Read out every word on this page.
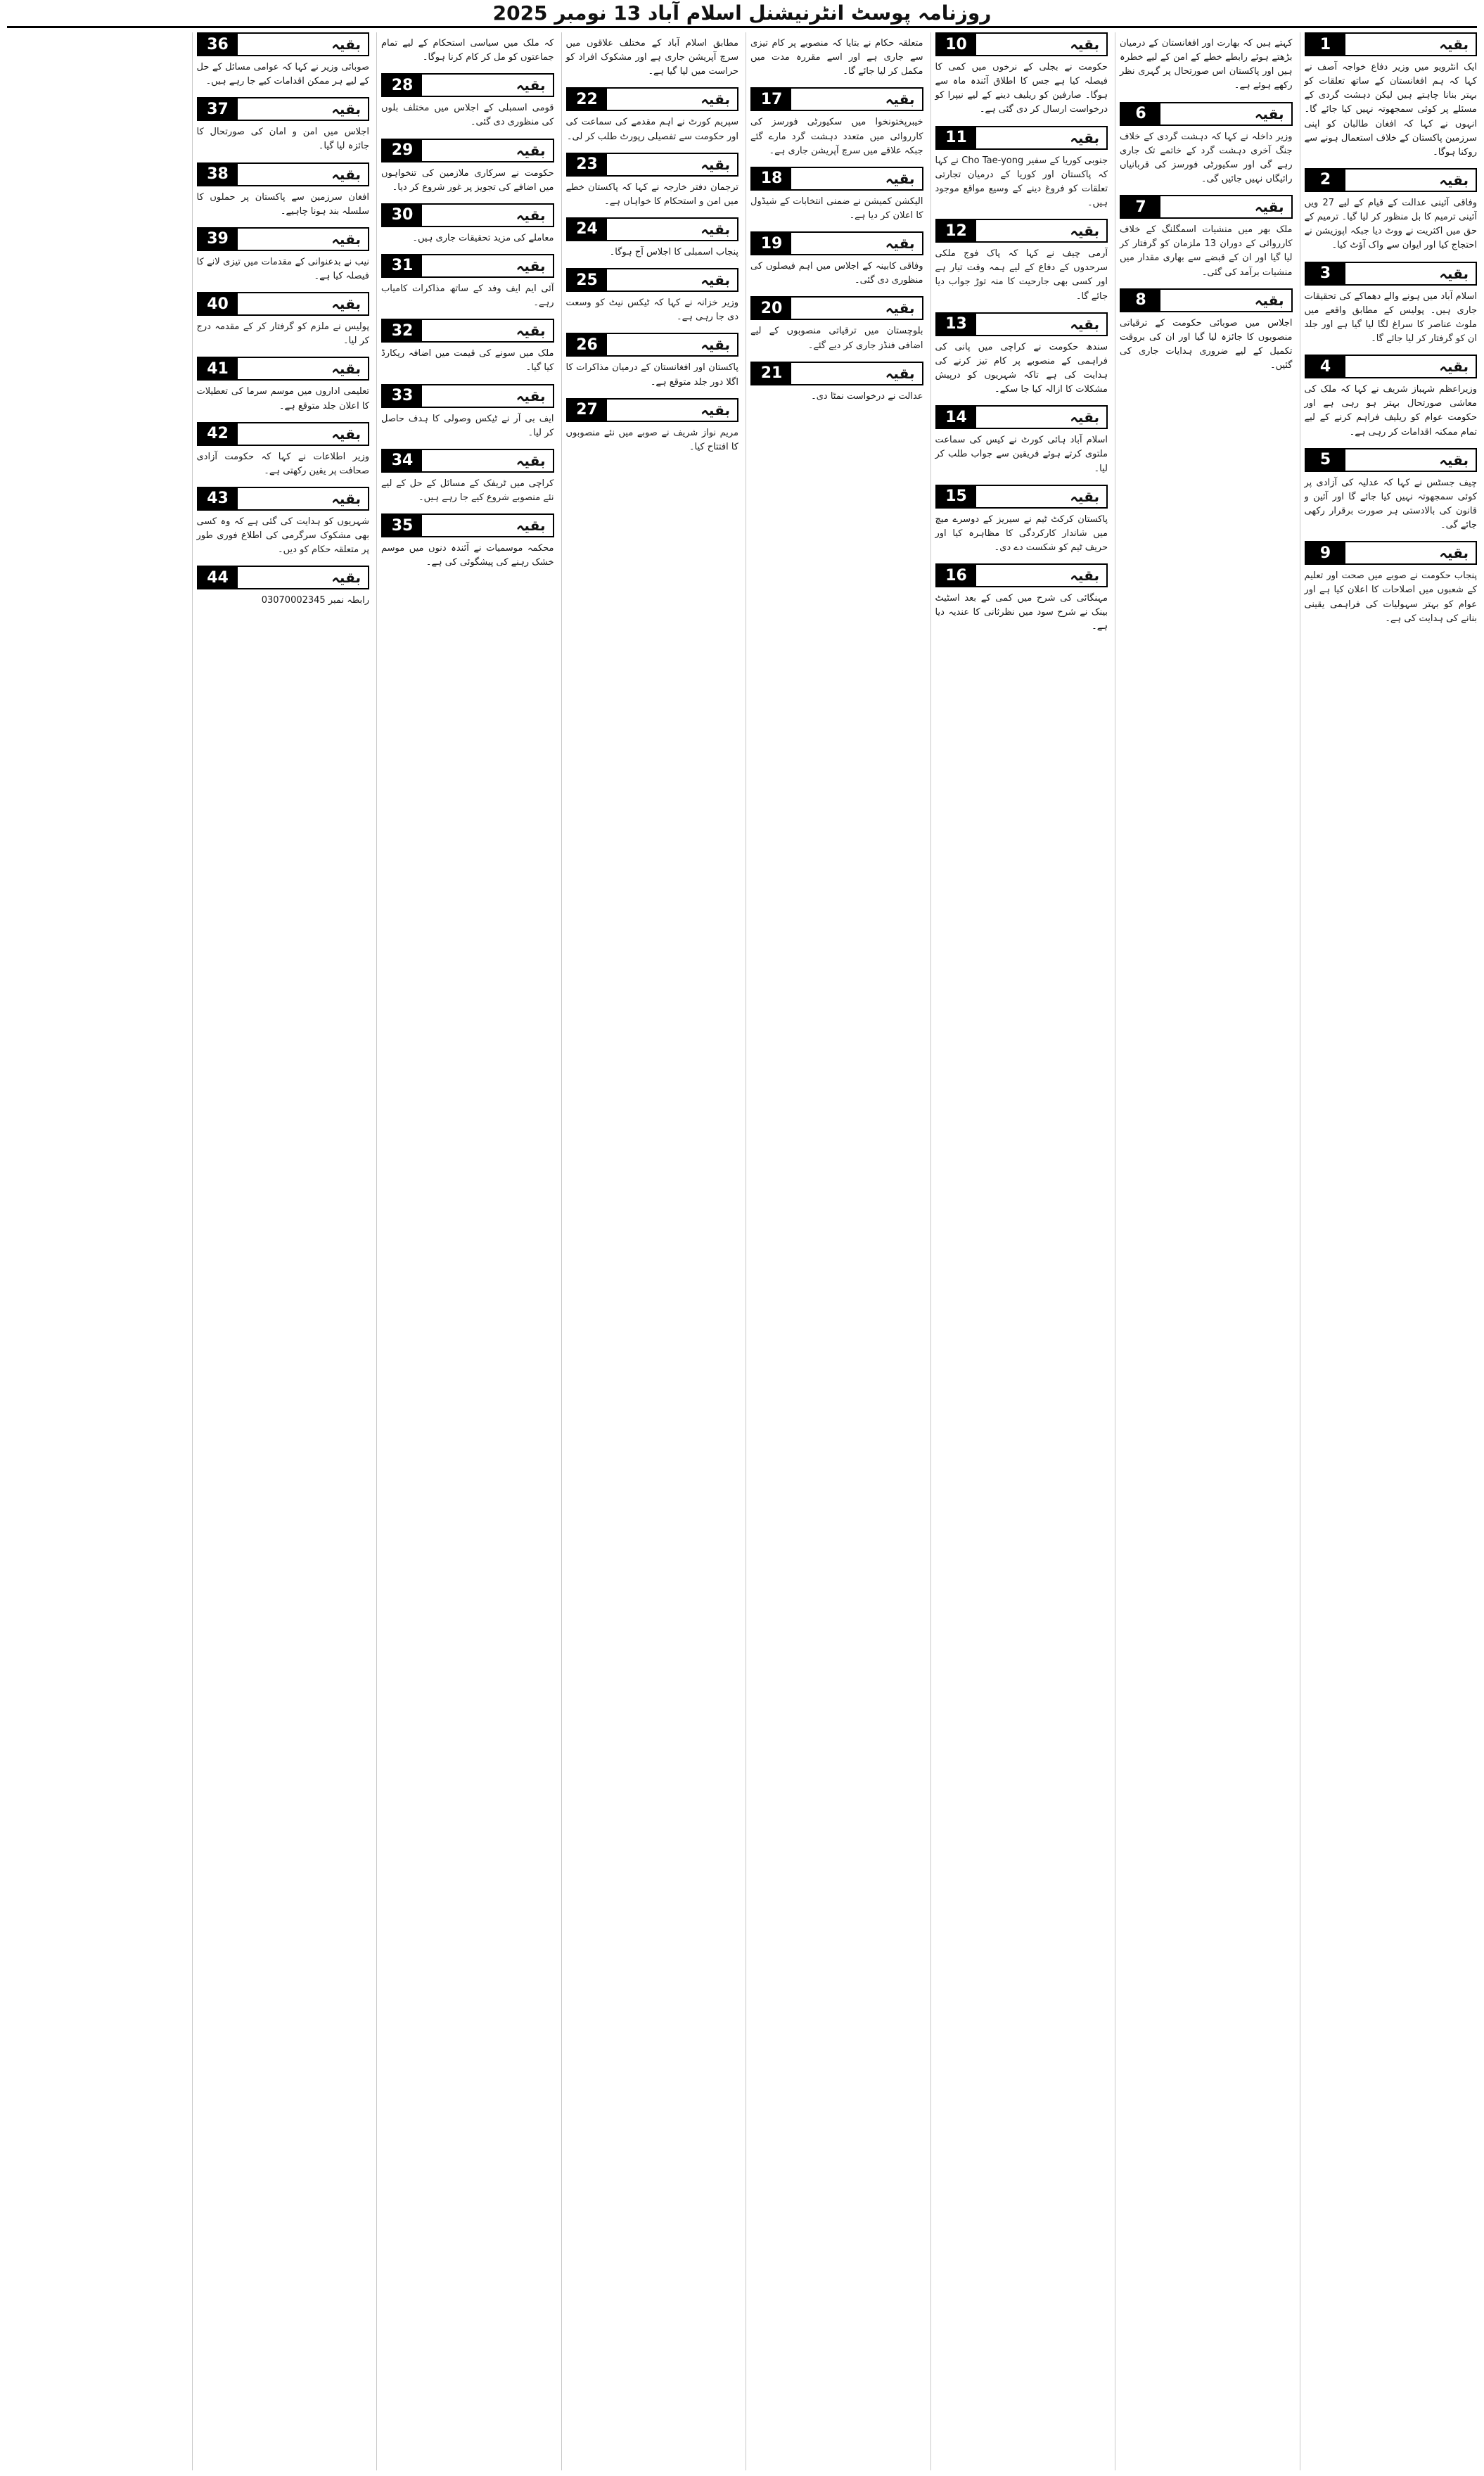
روزنامہ پوسٹ انٹرنیشنل اسلام آباد 13 نومبر 2025
بقیہ
1
ایک انٹرویو میں وزیر دفاع خواجہ آصف نے کہا کہ ہم افغانستان کے ساتھ تعلقات کو بہتر بنانا چاہتے ہیں لیکن دہشت گردی کے مسئلے پر کوئی سمجھوتہ نہیں کیا جائے گا۔ انہوں نے کہا کہ افغان طالبان کو اپنی سرزمین پاکستان کے خلاف استعمال ہونے سے روکنا ہوگا۔
بقیہ
2
وفاقی آئینی عدالت کے قیام کے لیے 27 ویں آئینی ترمیم کا بل منظور کر لیا گیا۔ ترمیم کے حق میں اکثریت نے ووٹ دیا جبکہ اپوزیشن نے احتجاج کیا اور ایوان سے واک آؤٹ کیا۔
بقیہ
3
اسلام آباد میں ہونے والے دھماکے کی تحقیقات جاری ہیں۔ پولیس کے مطابق واقعے میں ملوث عناصر کا سراغ لگا لیا گیا ہے اور جلد ان کو گرفتار کر لیا جائے گا۔
بقیہ
4
وزیراعظم شہباز شریف نے کہا کہ ملک کی معاشی صورتحال بہتر ہو رہی ہے اور حکومت عوام کو ریلیف فراہم کرنے کے لیے تمام ممکنہ اقدامات کر رہی ہے۔
بقیہ
5
چیف جسٹس نے کہا کہ عدلیہ کی آزادی پر کوئی سمجھوتہ نہیں کیا جائے گا اور آئین و قانون کی بالادستی ہر صورت برقرار رکھی جائے گی۔
بقیہ
9
پنجاب حکومت نے صوبے میں صحت اور تعلیم کے شعبوں میں اصلاحات کا اعلان کیا ہے اور عوام کو بہتر سہولیات کی فراہمی یقینی بنانے کی ہدایت کی ہے۔
کہتے ہیں کہ بھارت اور افغانستان کے درمیان بڑھتے ہوئے رابطے خطے کے امن کے لیے خطرہ ہیں اور پاکستان اس صورتحال پر گہری نظر رکھے ہوئے ہے۔
بقیہ
6
وزیر داخلہ نے کہا کہ دہشت گردی کے خلاف جنگ آخری دہشت گرد کے خاتمے تک جاری رہے گی اور سکیورٹی فورسز کی قربانیاں رائیگاں نہیں جائیں گی۔
بقیہ
7
ملک بھر میں منشیات اسمگلنگ کے خلاف کارروائی کے دوران 13 ملزمان کو گرفتار کر لیا گیا اور ان کے قبضے سے بھاری مقدار میں منشیات برآمد کی گئی۔
بقیہ
8
اجلاس میں صوبائی حکومت کے ترقیاتی منصوبوں کا جائزہ لیا گیا اور ان کی بروقت تکمیل کے لیے ضروری ہدایات جاری کی گئیں۔
بقیہ
10
حکومت نے بجلی کے نرخوں میں کمی کا فیصلہ کیا ہے جس کا اطلاق آئندہ ماہ سے ہوگا۔ صارفین کو ریلیف دینے کے لیے نیپرا کو درخواست ارسال کر دی گئی ہے۔
بقیہ
11
جنوبی کوریا کے سفیر Cho Tae-yong نے کہا کہ پاکستان اور کوریا کے درمیان تجارتی تعلقات کو فروغ دینے کے وسیع مواقع موجود ہیں۔
بقیہ
12
آرمی چیف نے کہا کہ پاک فوج ملکی سرحدوں کے دفاع کے لیے ہمہ وقت تیار ہے اور کسی بھی جارحیت کا منہ توڑ جواب دیا جائے گا۔
بقیہ
13
سندھ حکومت نے کراچی میں پانی کی فراہمی کے منصوبے پر کام تیز کرنے کی ہدایت کی ہے تاکہ شہریوں کو درپیش مشکلات کا ازالہ کیا جا سکے۔
بقیہ
14
اسلام آباد ہائی کورٹ نے کیس کی سماعت ملتوی کرتے ہوئے فریقین سے جواب طلب کر لیا۔
بقیہ
15
پاکستان کرکٹ ٹیم نے سیریز کے دوسرے میچ میں شاندار کارکردگی کا مظاہرہ کیا اور حریف ٹیم کو شکست دے دی۔
بقیہ
16
مہنگائی کی شرح میں کمی کے بعد اسٹیٹ بینک نے شرح سود میں نظرثانی کا عندیہ دیا ہے۔
متعلقہ حکام نے بتایا کہ منصوبے پر کام تیزی سے جاری ہے اور اسے مقررہ مدت میں مکمل کر لیا جائے گا۔
بقیہ
17
خیبرپختونخوا میں سکیورٹی فورسز کی کارروائی میں متعدد دہشت گرد مارے گئے جبکہ علاقے میں سرچ آپریشن جاری ہے۔
بقیہ
18
الیکشن کمیشن نے ضمنی انتخابات کے شیڈول کا اعلان کر دیا ہے۔
بقیہ
19
وفاقی کابینہ کے اجلاس میں اہم فیصلوں کی منظوری دی گئی۔
بقیہ
20
بلوچستان میں ترقیاتی منصوبوں کے لیے اضافی فنڈز جاری کر دیے گئے۔
بقیہ
21
عدالت نے درخواست نمٹا دی۔
مطابق اسلام آباد کے مختلف علاقوں میں سرچ آپریشن جاری ہے اور مشکوک افراد کو حراست میں لیا گیا ہے۔
بقیہ
22
سپریم کورٹ نے اہم مقدمے کی سماعت کی اور حکومت سے تفصیلی رپورٹ طلب کر لی۔
بقیہ
23
ترجمان دفتر خارجہ نے کہا کہ پاکستان خطے میں امن و استحکام کا خواہاں ہے۔
بقیہ
24
پنجاب اسمبلی کا اجلاس آج ہوگا۔
بقیہ
25
وزیر خزانہ نے کہا کہ ٹیکس نیٹ کو وسعت دی جا رہی ہے۔
بقیہ
26
پاکستان اور افغانستان کے درمیان مذاکرات کا اگلا دور جلد متوقع ہے۔
بقیہ
27
مریم نواز شریف نے صوبے میں نئے منصوبوں کا افتتاح کیا۔
کہ ملک میں سیاسی استحکام کے لیے تمام جماعتوں کو مل کر کام کرنا ہوگا۔
بقیہ
28
قومی اسمبلی کے اجلاس میں مختلف بلوں کی منظوری دی گئی۔
بقیہ
29
حکومت نے سرکاری ملازمین کی تنخواہوں میں اضافے کی تجویز پر غور شروع کر دیا۔
بقیہ
30
معاملے کی مزید تحقیقات جاری ہیں۔
بقیہ
31
آئی ایم ایف وفد کے ساتھ مذاکرات کامیاب رہے۔
بقیہ
32
ملک میں سونے کی قیمت میں اضافہ ریکارڈ کیا گیا۔
بقیہ
33
ایف بی آر نے ٹیکس وصولی کا ہدف حاصل کر لیا۔
بقیہ
34
کراچی میں ٹریفک کے مسائل کے حل کے لیے نئے منصوبے شروع کیے جا رہے ہیں۔
بقیہ
35
محکمہ موسمیات نے آئندہ دنوں میں موسم خشک رہنے کی پیشگوئی کی ہے۔
بقیہ
36
صوبائی وزیر نے کہا کہ عوامی مسائل کے حل کے لیے ہر ممکن اقدامات کیے جا رہے ہیں۔
بقیہ
37
اجلاس میں امن و امان کی صورتحال کا جائزہ لیا گیا۔
بقیہ
38
افغان سرزمین سے پاکستان پر حملوں کا سلسلہ بند ہونا چاہیے۔
بقیہ
39
نیب نے بدعنوانی کے مقدمات میں تیزی لانے کا فیصلہ کیا ہے۔
بقیہ
40
پولیس نے ملزم کو گرفتار کر کے مقدمہ درج کر لیا۔
بقیہ
41
تعلیمی اداروں میں موسم سرما کی تعطیلات کا اعلان جلد متوقع ہے۔
بقیہ
42
وزیر اطلاعات نے کہا کہ حکومت آزادی صحافت پر یقین رکھتی ہے۔
بقیہ
43
شہریوں کو ہدایت کی گئی ہے کہ وہ کسی بھی مشکوک سرگرمی کی اطلاع فوری طور پر متعلقہ حکام کو دیں۔
بقیہ
44
رابطہ نمبر 03070002345
